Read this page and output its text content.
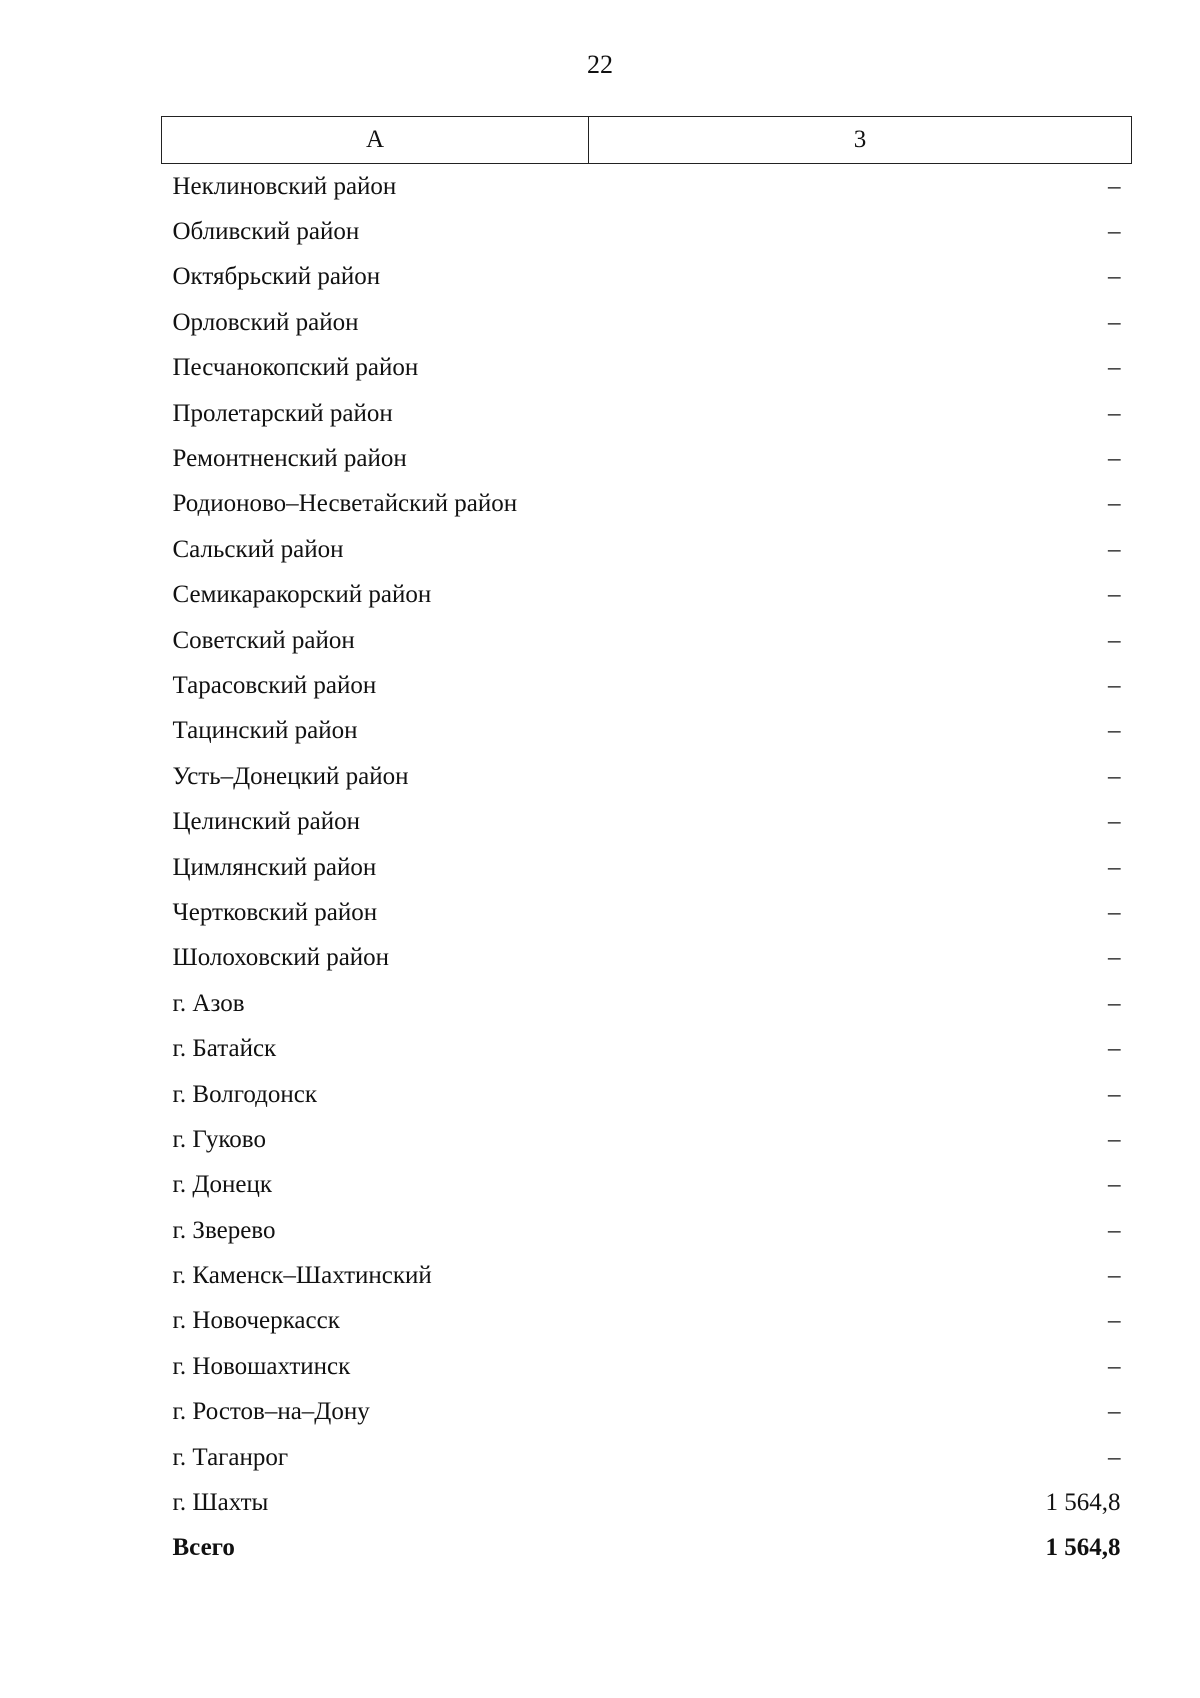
22
А	3
Неклиновский район	–
Обливский район	–
Октябрьский район	–
Орловский район	–
Песчанокопский район	–
Пролетарский район	–
Ремонтненский район	–
Родионово–Несветайский район	–
Сальский район	–
Семикаракорский район	–
Советский район	–
Тарасовский район	–
Тацинский район	–
Усть–Донецкий район	–
Целинский район	–
Цимлянский район	–
Чертковский район	–
Шолоховский район	–
г. Азов	–
г. Батайск	–
г. Волгодонск	–
г. Гуково	–
г. Донецк	–
г. Зверево	–
г. Каменск–Шахтинский	–
г. Новочеркасск	–
г. Новошахтинск	–
г. Ростов–на–Дону	–
г. Таганрог	–
г. Шахты	1 564,8
Всего	1 564,8
